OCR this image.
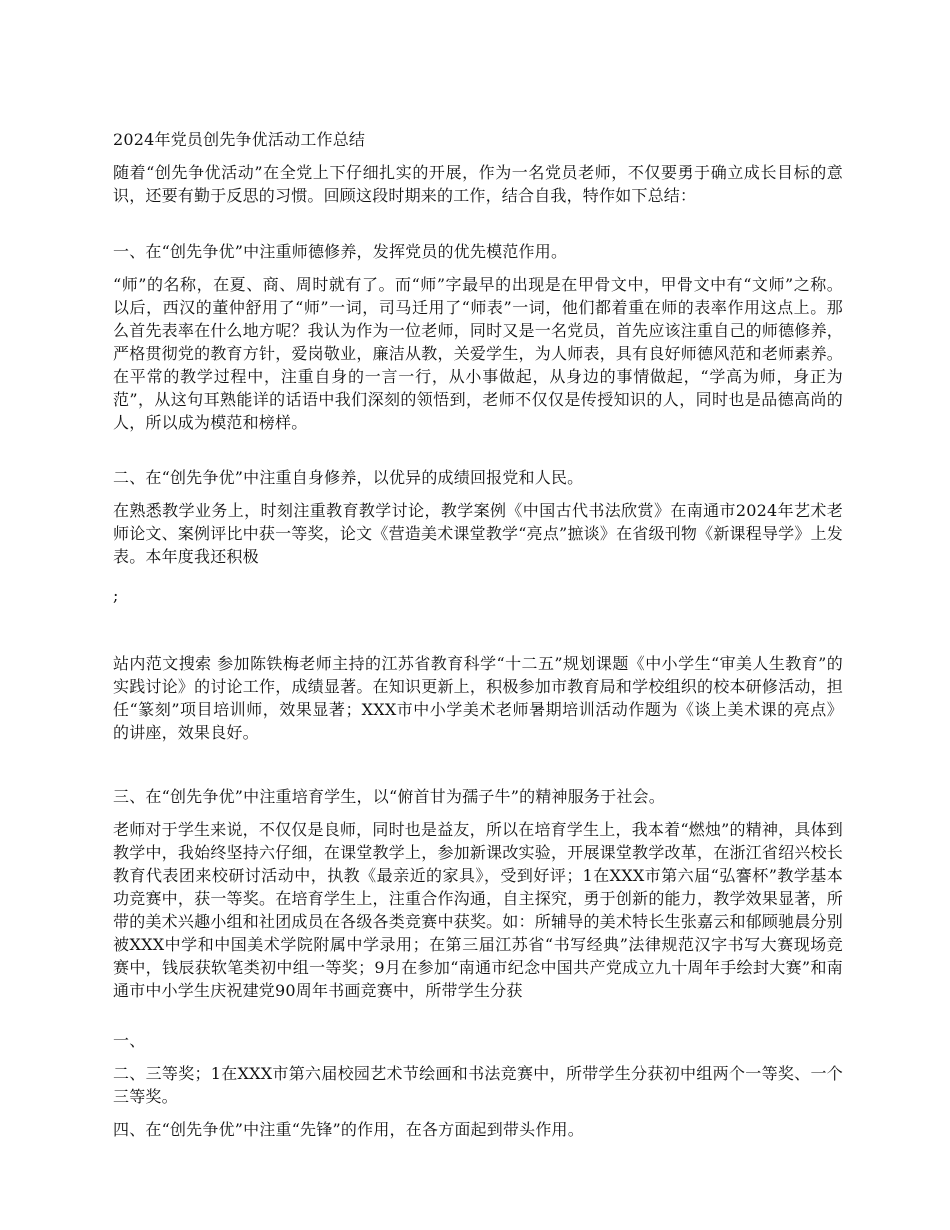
2024年党员创先争优活动工作总结
随着“创先争优活动”在全党上下仔细扎实的开展，作为一名党员老师，不仅要勇于确立成长目标的意识，还要有勤于反思的习惯。回顾这段时期来的工作，结合自我，特作如下总结：
一、在“创先争优”中注重师德修养，发挥党员的优先模范作用。
“师”的名称，在夏、商、周时就有了。而“师”字最早的出现是在甲骨文中，甲骨文中有“文师”之称。以后，西汉的董仲舒用了“师”一词，司马迁用了“师表”一词，他们都着重在师的表率作用这点上。那么首先表率在什么地方呢？我认为作为一位老师，同时又是一名党员，首先应该注重自己的师德修养，严格贯彻党的教育方针，爱岗敬业，廉洁从教，关爱学生，为人师表，具有良好师德风范和老师素养。在平常的教学过程中，注重自身的一言一行，从小事做起，从身边的事情做起，“学高为师，身正为范”，从这句耳熟能详的话语中我们深刻的领悟到，老师不仅仅是传授知识的人，同时也是品德高尚的人，所以成为模范和榜样。
二、在“创先争优”中注重自身修养，以优异的成绩回报党和人民。
在熟悉教学业务上，时刻注重教育教学讨论，教学案例《中国古代书法欣赏》在南通市2024年艺术老师论文、案例评比中获一等奖，论文《营造美术课堂教学“亮点”摭谈》在省级刊物《新课程导学》上发表。本年度我还积极
;
站内范文搜索 参加陈铁梅老师主持的江苏省教育科学“十二五”规划课题《中小学生“审美人生教育”的实践讨论》的讨论工作，成绩显著。在知识更新上，积极参加市教育局和学校组织的校本研修活动，担任“篆刻”项目培训师，效果显著；XXX市中小学美术老师暑期培训活动作题为《谈上美术课的亮点》的讲座，效果良好。
三、在“创先争优”中注重培育学生，以“俯首甘为孺子牛”的精神服务于社会。
老师对于学生来说，不仅仅是良师，同时也是益友，所以在培育学生上，我本着“燃烛”的精神，具体到教学中，我始终坚持六仔细，在课堂教学上，参加新课改实验，开展课堂教学改革，在浙江省绍兴校长教育代表团来校研讨活动中，执教《最亲近的家具》，受到好评；1在XXX市第六届“弘謇杯”教学基本功竞赛中，获一等奖。在培育学生上，注重合作沟通，自主探究，勇于创新的能力，教学效果显著，所带的美术兴趣小组和社团成员在各级各类竞赛中获奖。如：所辅导的美术特长生张嘉云和郁顾驰晨分别被XXX中学和中国美术学院附属中学录用；在第三届江苏省“书写经典”法律规范汉字书写大赛现场竞赛中，钱辰获软笔类初中组一等奖；9月在参加“南通市纪念中国共产党成立九十周年手绘封大赛”和南通市中小学生庆祝建党90周年书画竞赛中，所带学生分获
一、
二、三等奖；1在XXX市第六届校园艺术节绘画和书法竞赛中，所带学生分获初中组两个一等奖、一个三等奖。
四、在“创先争优”中注重“先锋”的作用，在各方面起到带头作用。
